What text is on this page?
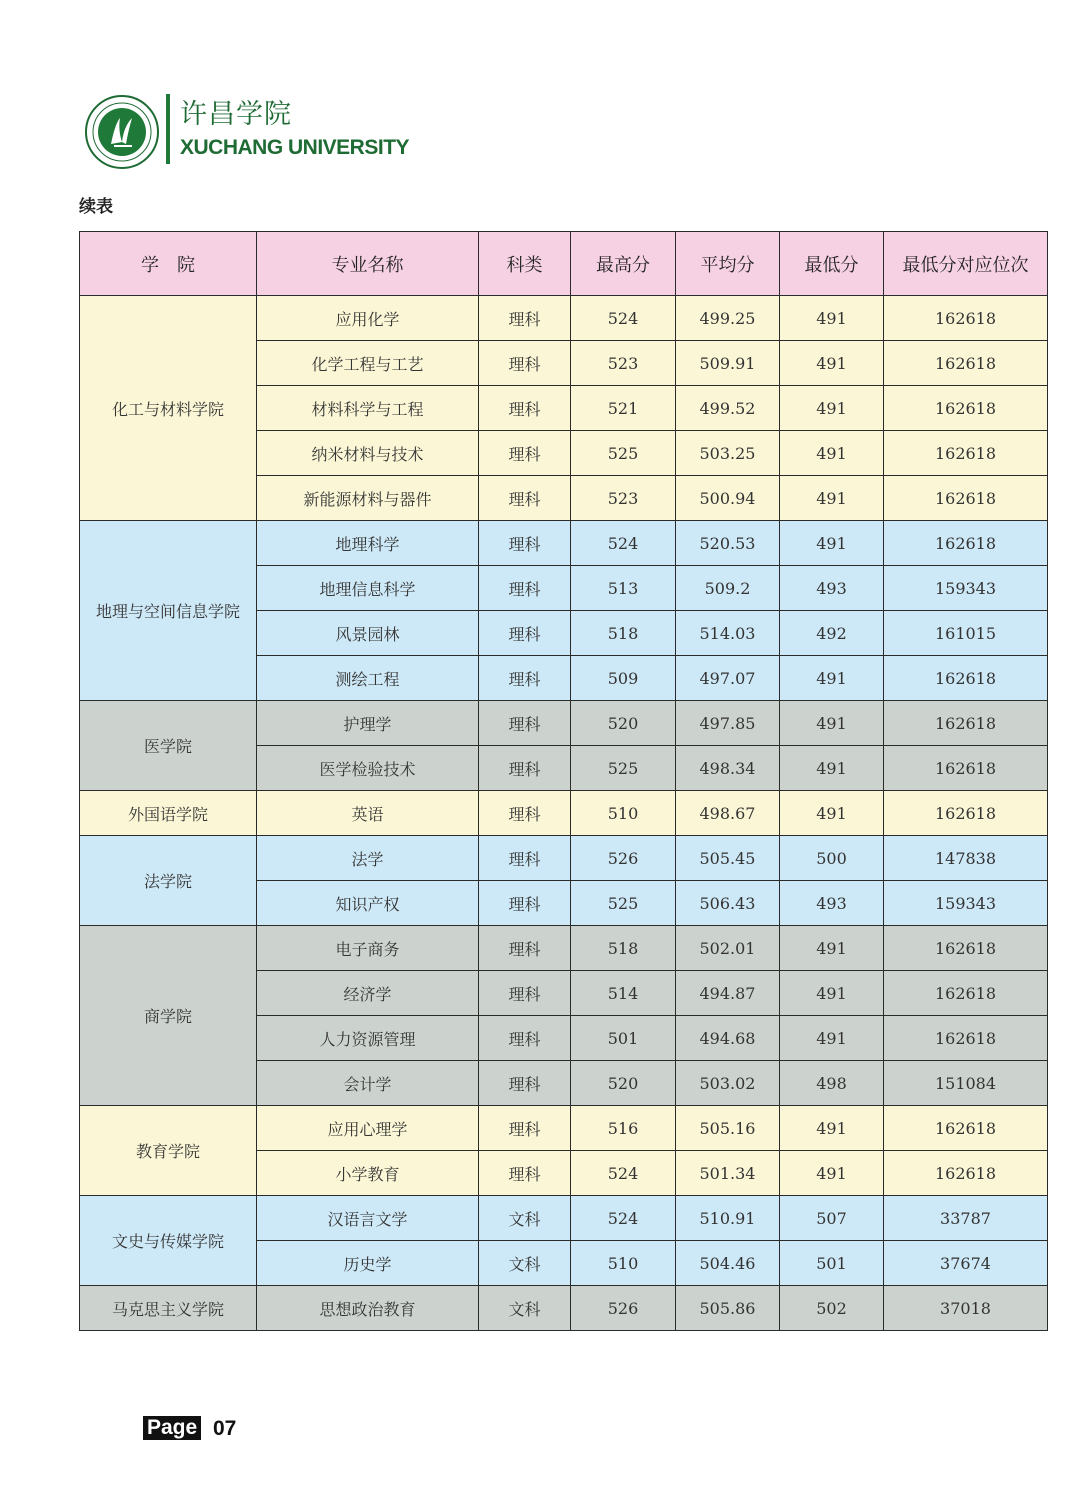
许昌学院
XUCHANG UNIVERSITY
续表
学　院	专业名称	科类	最高分	平均分	最低分	最低分对应位次
化工与材料学院	应用化学	理科	524	499.25	491	162618
	化学工程与工艺	理科	523	509.91	491	162618
	材料科学与工程	理科	521	499.52	491	162618
	纳米材料与技术	理科	525	503.25	491	162618
	新能源材料与器件	理科	523	500.94	491	162618
地理与空间信息学院	地理科学	理科	524	520.53	491	162618
	地理信息科学	理科	513	509.2	493	159343
	风景园林	理科	518	514.03	492	161015
	测绘工程	理科	509	497.07	491	162618
医学院	护理学	理科	520	497.85	491	162618
	医学检验技术	理科	525	498.34	491	162618
外国语学院	英语	理科	510	498.67	491	162618
法学院	法学	理科	526	505.45	500	147838
	知识产权	理科	525	506.43	493	159343
商学院	电子商务	理科	518	502.01	491	162618
	经济学	理科	514	494.87	491	162618
	人力资源管理	理科	501	494.68	491	162618
	会计学	理科	520	503.02	498	151084
教育学院	应用心理学	理科	516	505.16	491	162618
	小学教育	理科	524	501.34	491	162618
文史与传媒学院	汉语言文学	文科	524	510.91	507	33787
	历史学	文科	510	504.46	501	37674
马克思主义学院	思想政治教育	文科	526	505.86	502	37018
Page 07
